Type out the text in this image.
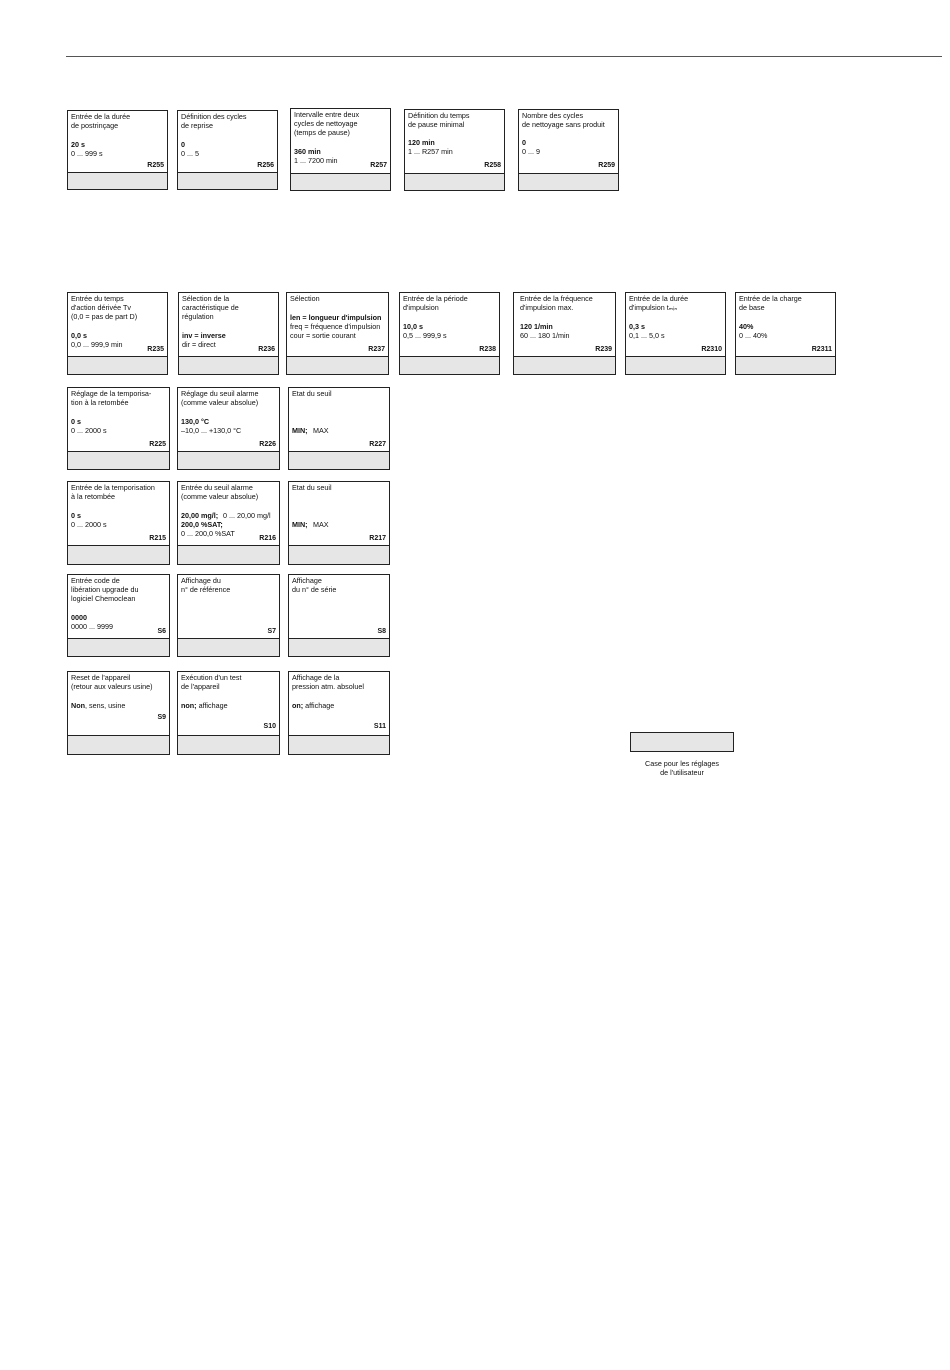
Entrée de la durée
de postrinçage
20 s
0 ... 999 s
R255
Définition des cycles
de reprise
0
0 ... 5
R256
Intervalle entre deux
cycles de nettoyage
(temps de pause)
360 min
1 ... 7200 min
R257
Définition du temps
de pause minimal
120 min
1 ... R257 min
R258
Nombre des cycles
de nettoyage sans produit
0
0 ... 9
R259
Entrée du temps
d'action dérivée Tv
(0,0 = pas de part D)
0,0 s
0,0 ... 999,9 min
R235
Sélection de la
caractéristique de
régulation
inv = inverse
dir = direct
R236
Sélection
len = longueur d'impulsion
freq = fréquence d'impulsion
cour = sortie courant
R237
Entrée de la période
d'impulsion
10,0 s
0,5 ... 999,9 s
R238
Entrée de la fréquence
d'impulsion max.
120 1/min
60 ... 180 1/min
R239
Entrée de la durée
d'impulsion tₘᵢₙ
0,3 s
0,1 ... 5,0 s
R2310
Entrée de la charge
de base
40%
0 ... 40%
R2311
Réglage de la temporisa-
tion à la retombée
0 s
0 ... 2000 s
R225
Réglage du seuil alarme
(comme valeur absolue)
130,0 °C
–10,0 ... +130,0 °C
R226
Etat du seuil
MIN; MAX
R227
Entrée de la temporisation
à la retombée
0 s
0 ... 2000 s
R215
Entrée du seuil alarme
(comme valeur absolue)
20,00 mg/l; 0 ... 20,00 mg/l
200,0 %SAT;
0 ... 200,0 %SAT
R216
Etat du seuil
MIN; MAX
R217
Entrée code de
libération upgrade du
logiciel Chemoclean
0000
0000 ... 9999
S6
Affichage du
n° de référence
S7
Affichage
du n° de série
S8
Reset de l'appareil
(retour aux valeurs usine)
Non, sens, usine
S9
Exécution d'un test
de l'appareil
non; affichage
S10
Affichage de la
pression atm. absoluel
on; affichage
S11
Case pour les réglages
de l'utilisateur
